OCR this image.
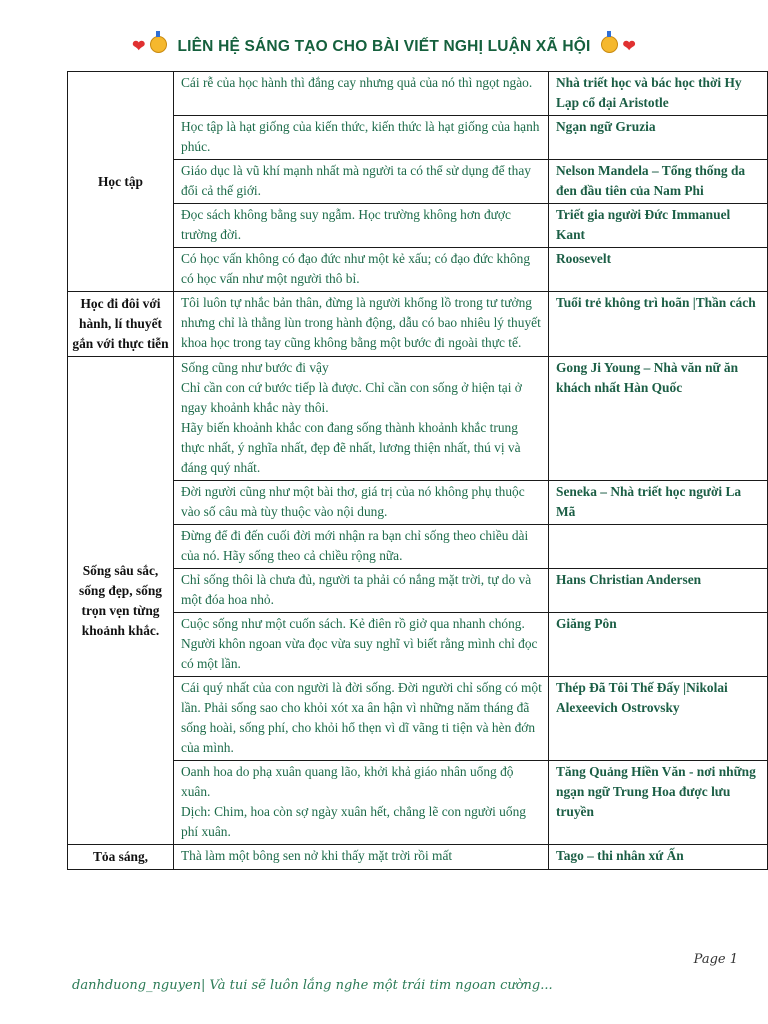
❤ LIÊN HỆ SÁNG TẠO CHO BÀI VIẾT NGHỊ LUẬN XÃ HỘI ❤
Học tập	Cái rễ của học hành thì đắng cay nhưng quả của nó thì ngọt ngào.	Nhà triết học và bác học thời Hy Lạp cổ đại Aristotle
	Học tập là hạt giống của kiến thức, kiến thức là hạt giống của hạnh phúc.	Ngạn ngữ Gruzia
	Giáo dục là vũ khí mạnh nhất mà người ta có thể sử dụng để thay đổi cả thế giới.	Nelson Mandela – Tổng thống da đen đầu tiên của Nam Phi
	Đọc sách không bằng suy ngẫm. Học trường không hơn được trường đời.	Triết gia người Đức Immanuel Kant
	Có học vấn không có đạo đức như một kẻ xấu; có đạo đức không có học vấn như một người thô bỉ.	Roosevelt
Học đi đôi với hành, lí thuyết gắn với thực tiễn	Tôi luôn tự nhắc bản thân, đừng là người khổng lồ trong tư tưởng nhưng chỉ là thằng lùn trong hành động, dẫu có bao nhiêu lý thuyết khoa học trong tay cũng không bằng một bước đi ngoài thực tế.	Tuổi trẻ không trì hoãn |Thần cách
Sống sâu sắc, sống đẹp, sống trọn vẹn từng khoảnh khắc.	Sống cũng như bước đi vậy
Chỉ cần con cứ bước tiếp là được. Chỉ cần con sống ở hiện tại ở ngay khoảnh khắc này thôi.
Hãy biến khoảnh khắc con đang sống thành khoảnh khắc trung thực nhất, ý nghĩa nhất, đẹp đẽ nhất, lương thiện nhất, thú vị và đáng quý nhất.	Gong Ji Young – Nhà văn nữ ăn khách nhất Hàn Quốc
	Đời người cũng như một bài thơ, giá trị của nó không phụ thuộc vào số câu mà tùy thuộc vào nội dung.	Seneka – Nhà triết học người La Mã
	Đừng để đi đến cuối đời mới nhận ra bạn chỉ sống theo chiều dài của nó. Hãy sống theo cả chiều rộng nữa.	
	Chỉ sống thôi là chưa đủ, người ta phải có nắng mặt trời, tự do và một đóa hoa nhỏ.	Hans Christian Andersen
	Cuộc sống như một cuốn sách. Kẻ điên rồ giở qua nhanh chóng. Người khôn ngoan vừa đọc vừa suy nghĩ vì biết rằng mình chỉ đọc có một lần.	Giăng Pôn
	Cái quý nhất của con người là đời sống. Đời người chỉ sống có một lần. Phải sống sao cho khỏi xót xa ân hận vì những năm tháng đã sống hoài, sống phí, cho khỏi hổ thẹn vì dĩ vãng ti tiện và hèn đớn của mình.	Thép Đã Tôi Thế Đấy |Nikolai Alexeevich Ostrovsky
	Oanh hoa do phạ xuân quang lão, khởi khả giáo nhân uổng độ xuân.
Dịch: Chim, hoa còn sợ ngày xuân hết, chẳng lẽ con người uổng phí xuân.	Tăng Quảng Hiền Văn - nơi những ngạn ngữ Trung Hoa được lưu truyền
Tỏa sáng,	Thà làm một bông sen nở khi thấy mặt trời rồi mất	Tago – thi nhân xứ Ấn
Page 1
danhduong_nguyen| Và tui sẽ luôn lắng nghe một trái tim ngoan cường...
